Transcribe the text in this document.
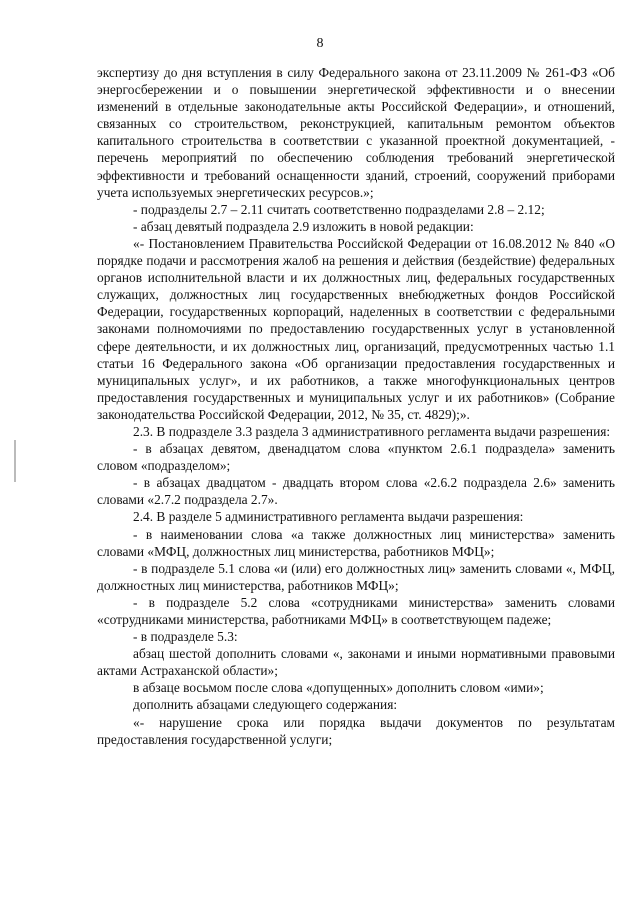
8

экспертизу до дня вступления в силу Федерального закона от 23.11.2009 № 261-ФЗ «Об энергосбережении и о повышении энергетической эффективности и о внесении изменений в отдельные законодательные акты Российской Федерации», и отношений, связанных со строительством, реконструкцией, капитальным ремонтом объектов капитального строительства в соответствии с указанной проектной документацией, - перечень мероприятий по обеспечению соблюдения требований энергетической эффективности и требований оснащенности зданий, строений, сооружений приборами учета используемых энергетических ресурсов.»;

- подразделы 2.7 – 2.11 считать соответственно подразделами 2.8 – 2.12;

- абзац девятый подраздела 2.9 изложить в новой редакции:

«- Постановлением Правительства Российской Федерации от 16.08.2012 № 840 «О порядке подачи и рассмотрения жалоб на решения и действия (бездействие) федеральных органов исполнительной власти и их должностных лиц, федеральных государственных служащих, должностных лиц государственных внебюджетных фондов Российской Федерации, государственных корпораций, наделенных в соответствии с федеральными законами полномочиями по предоставлению государственных услуг в установленной сфере деятельности, и их должностных лиц, организаций, предусмотренных частью 1.1 статьи 16 Федерального закона «Об организации предоставления государственных и муниципальных услуг», и их работников, а также многофункциональных центров предоставления государственных и муниципальных услуг и их работников» (Собрание законодательства Российской Федерации, 2012, № 35, ст. 4829);».

2.3. В подразделе 3.3 раздела 3 административного регламента выдачи разрешения:

- в абзацах девятом, двенадцатом слова «пунктом 2.6.1 подраздела» заменить словом «подразделом»;

- в абзацах двадцатом - двадцать втором слова «2.6.2 подраздела 2.6» заменить словами «2.7.2 подраздела 2.7».

2.4. В разделе 5 административного регламента выдачи разрешения:

- в наименовании слова «а также должностных лиц министерства» заменить словами «МФЦ, должностных лиц министерства, работников МФЦ»;

- в подразделе 5.1 слова «и (или) его должностных лиц» заменить словами «, МФЦ, должностных лиц министерства, работников МФЦ»;

- в подразделе 5.2 слова «сотрудниками министерства» заменить словами «сотрудниками министерства, работниками МФЦ» в соответствующем падеже;

- в подразделе 5.3:

абзац шестой дополнить словами «, законами и иными нормативными правовыми актами Астраханской области»;

в абзаце восьмом после слова «допущенных» дополнить словом «ими»;

дополнить абзацами следующего содержания:

«- нарушение срока или порядка выдачи документов по результатам предоставления государственной услуги;
